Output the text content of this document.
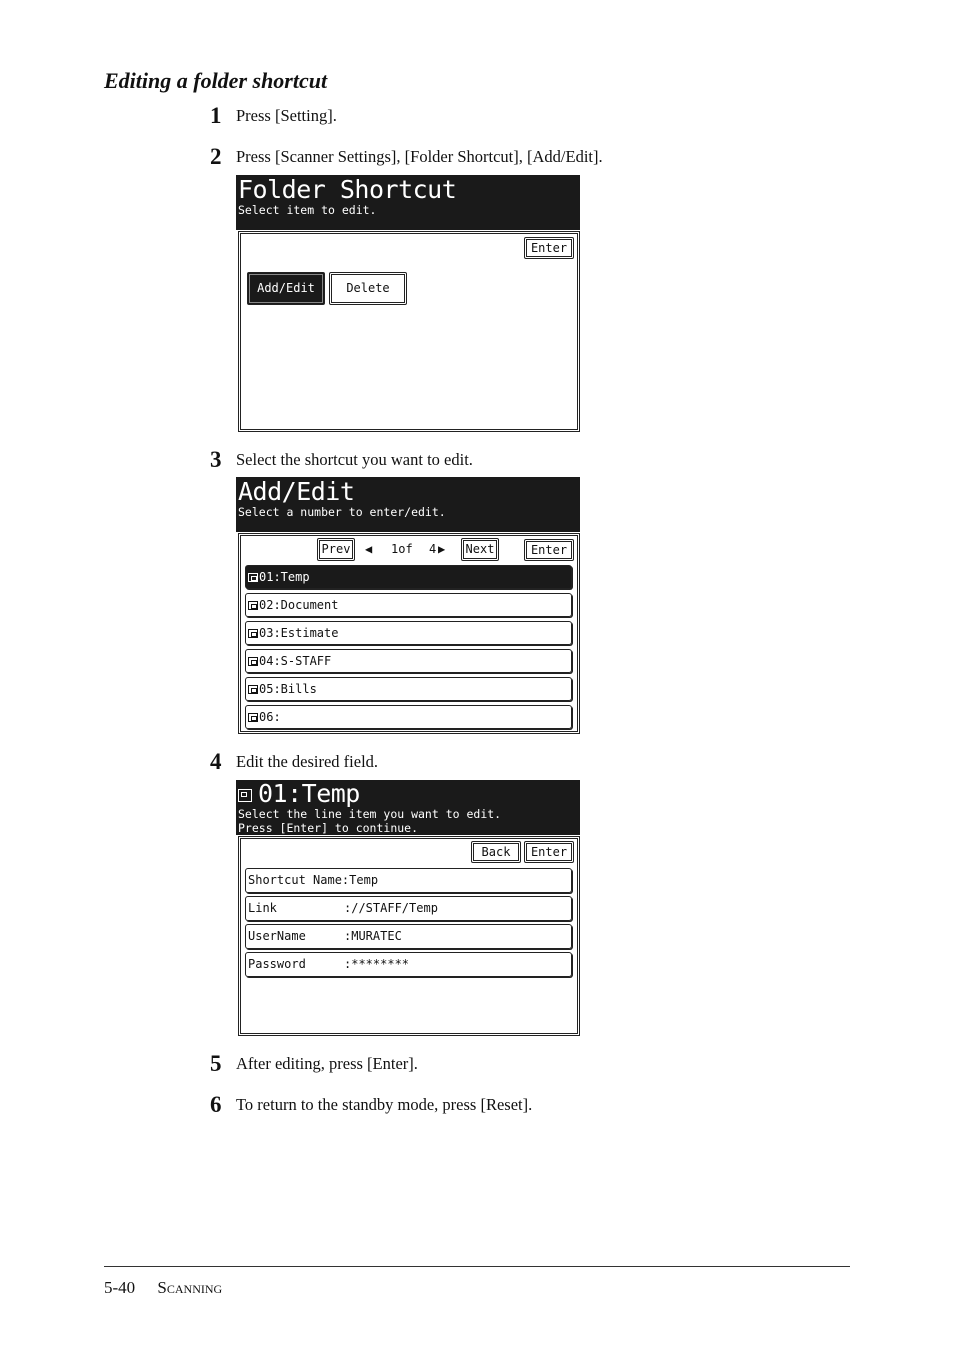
Editing a folder shortcut
1 Press [Setting].
2 Press [Scanner Settings], [Folder Shortcut], [Add/Edit].
Folder Shortcut
Select item to edit.
Enter
Add/Edit	Delete
3 Select the shortcut you want to edit.
Add/Edit
Select a number to enter/edit.
Prev	◀ 1of 4 ▶	Next	Enter
01:Temp
02:Document
03:Estimate
04:S-STAFF
05:Bills
06:
4 Edit the desired field.
01:Temp
Select the line item you want to edit.
Press [Enter] to continue.
Back	Enter
Shortcut Name:Temp
Link	://STAFF/Temp
UserName	:MURATEC
Password	:********
5 After editing, press [Enter].
6 To return to the standby mode, press [Reset].
5-40 Scanning
